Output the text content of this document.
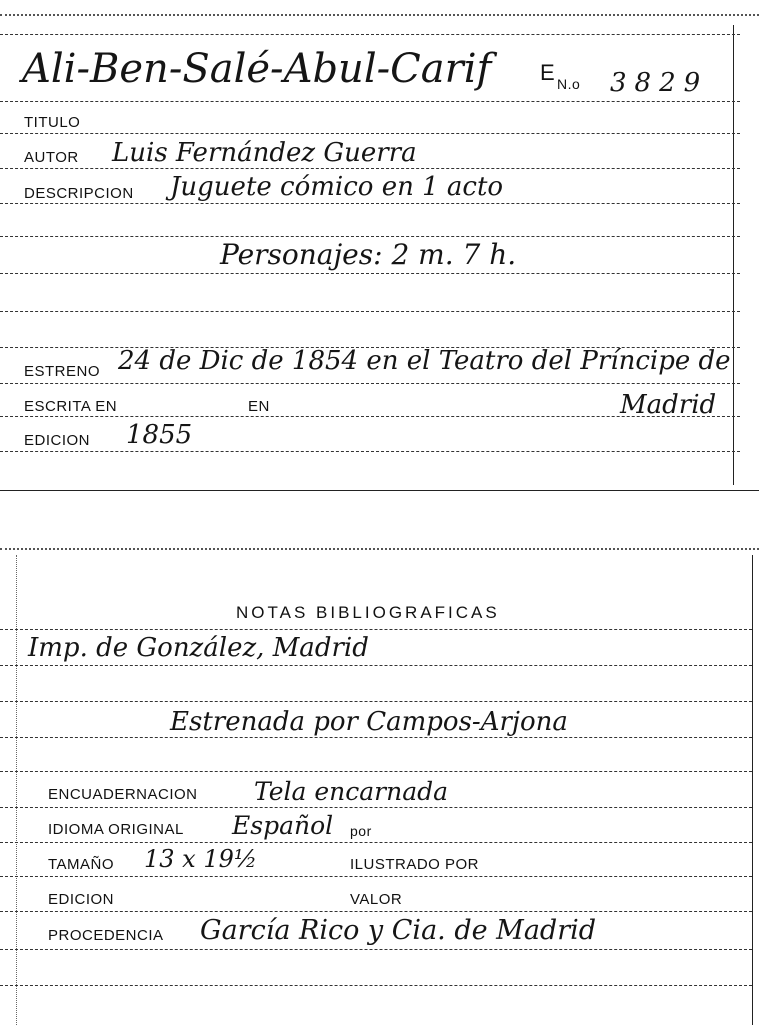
Ali-Ben-Salé-Abul-Carif E N.o 3829
TITULO
AUTOR Luis Fernández Guerra
DESCRIPCION Juguete cómico en 1 acto
Personajes: 2 m. 7 h.
ESTRENO 24 de Dic de 1854 en el Teatro del Príncipe de
ESCRITA EN	EN	Madrid
EDICION 1855
NOTAS BIBLIOGRAFICAS
Imp. de González, Madrid
Estrenada por Campos-Arjona
ENCUADERNACION Tela encarnada
IDIOMA ORIGINAL Español por
TAMAÑO 13 x 19½	ILUSTRADO POR
EDICION	VALOR
PROCEDENCIA García Rico y Cia. de Madrid
